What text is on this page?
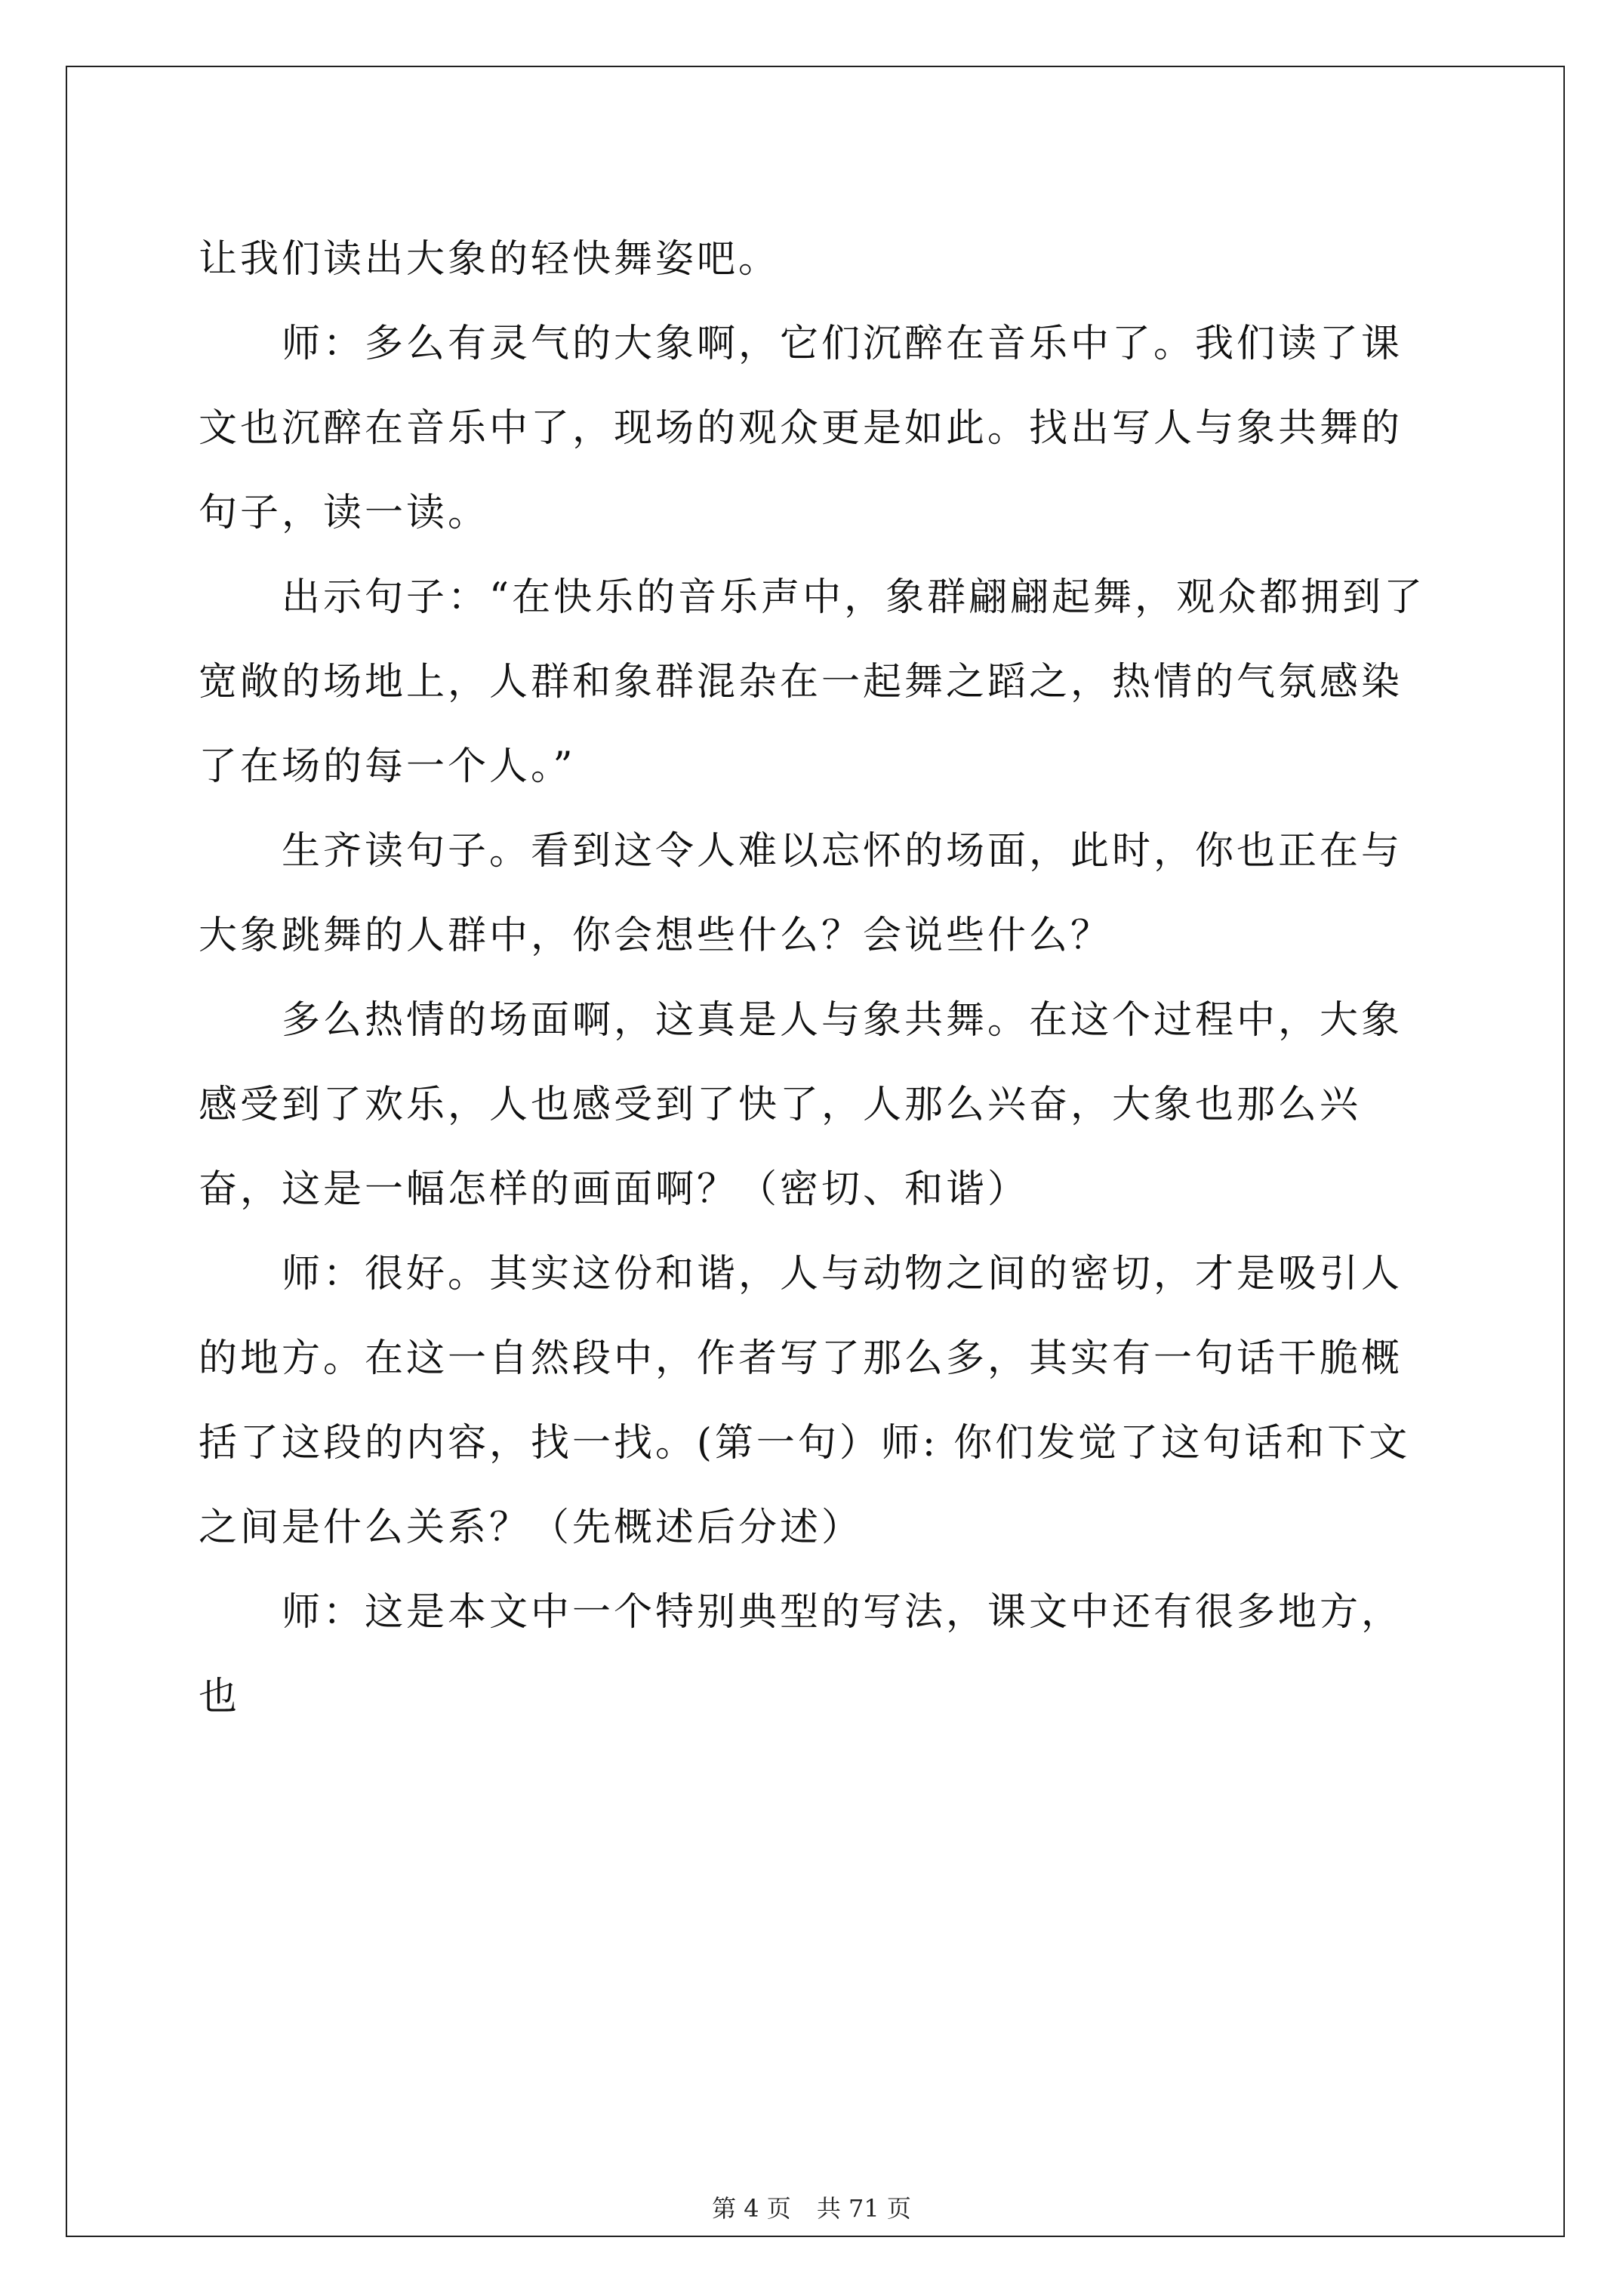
让我们读出大象的轻快舞姿吧。

　　师：多么有灵气的大象啊，它们沉醉在音乐中了。我们读了课文也沉醉在音乐中了，现场的观众更是如此。找出写人与象共舞的句子，读一读。

　　出示句子：“在快乐的音乐声中，象群翩翩起舞，观众都拥到了宽敞的场地上，人群和象群混杂在一起舞之蹈之，热情的气氛感染了在场的每一个人。”

　　生齐读句子。看到这令人难以忘怀的场面，此时，你也正在与大象跳舞的人群中，你会想些什么？会说些什么？

　　多么热情的场面啊，这真是人与象共舞。在这个过程中，大象感受到了欢乐，人也感受到了快了，人那么兴奋，大象也那么兴奋，这是一幅怎样的画面啊？（密切、和谐）

　　师：很好。其实这份和谐，人与动物之间的密切，才是吸引人的地方。在这一自然段中，作者写了那么多，其实有一句话干脆概括了这段的内容，找一找。(第一句）师: 你们发觉了这句话和下文之间是什么关系？（先概述后分述）

　　师：这是本文中一个特别典型的写法，课文中还有很多地方，也

第 4 页 共 71 页
